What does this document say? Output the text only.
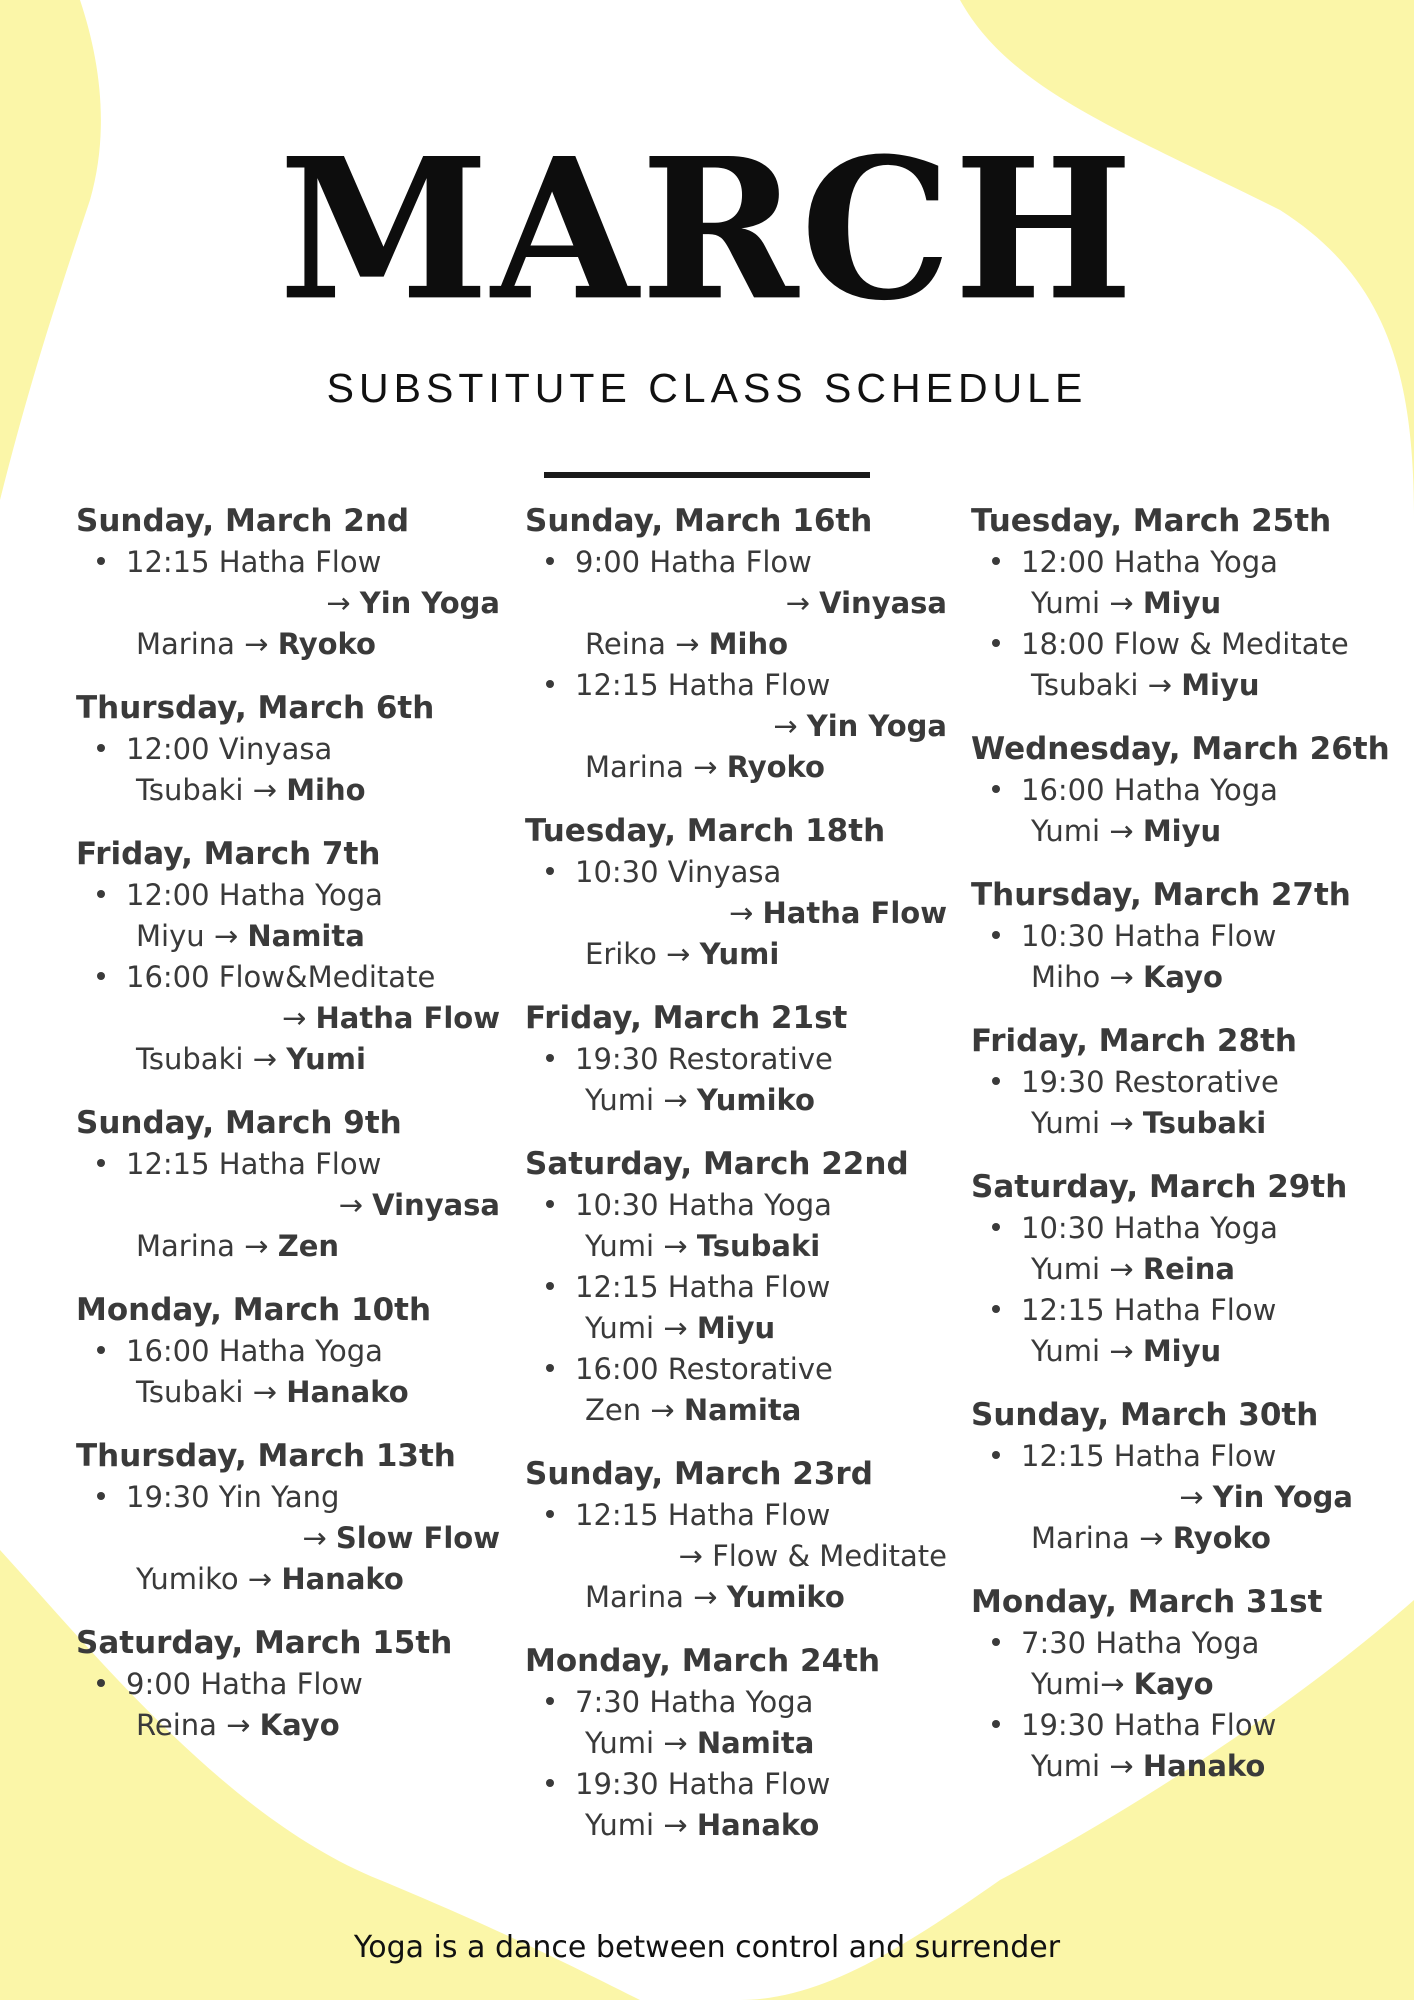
MARCH
SUBSTITUTE CLASS SCHEDULE
Sunday, March 2nd
12:15 Hatha Flow
→ Yin Yoga
Marina → Ryoko
Thursday, March 6th
12:00 Vinyasa
Tsubaki → Miho
Friday, March 7th
12:00 Hatha Yoga
Miyu → Namita
16:00 Flow&Meditate
→ Hatha Flow
Tsubaki → Yumi
Sunday, March 9th
12:15 Hatha Flow
→ Vinyasa
Marina → Zen
Monday, March 10th
16:00 Hatha Yoga
Tsubaki → Hanako
Thursday, March 13th
19:30 Yin Yang
→ Slow Flow
Yumiko → Hanako
Saturday, March 15th
9:00 Hatha Flow
Reina → Kayo
Sunday, March 16th
9:00 Hatha Flow
→ Vinyasa
Reina → Miho
12:15 Hatha Flow
→ Yin Yoga
Marina → Ryoko
Tuesday, March 18th
10:30 Vinyasa
→ Hatha Flow
Eriko → Yumi
Friday, March 21st
19:30 Restorative
Yumi → Yumiko
Saturday, March 22nd
10:30 Hatha Yoga
Yumi → Tsubaki
12:15 Hatha Flow
Yumi → Miyu
16:00 Restorative
Zen → Namita
Sunday, March 23rd
12:15 Hatha Flow
→ Flow & Meditate
Marina → Yumiko
Monday, March 24th
7:30 Hatha Yoga
Yumi → Namita
19:30 Hatha Flow
Yumi → Hanako
Tuesday, March 25th
12:00 Hatha Yoga
Yumi → Miyu
18:00 Flow & Meditate
Tsubaki → Miyu
Wednesday, March 26th
16:00 Hatha Yoga
Yumi → Miyu
Thursday, March 27th
10:30 Hatha Flow
Miho → Kayo
Friday, March 28th
19:30 Restorative
Yumi → Tsubaki
Saturday, March 29th
10:30 Hatha Yoga
Yumi → Reina
12:15 Hatha Flow
Yumi → Miyu
Sunday, March 30th
12:15 Hatha Flow
→ Yin Yoga
Marina → Ryoko
Monday, March 31st
7:30 Hatha Yoga
Yumi→ Kayo
19:30 Hatha Flow
Yumi → Hanako
Yoga is a dance between control and surrender
